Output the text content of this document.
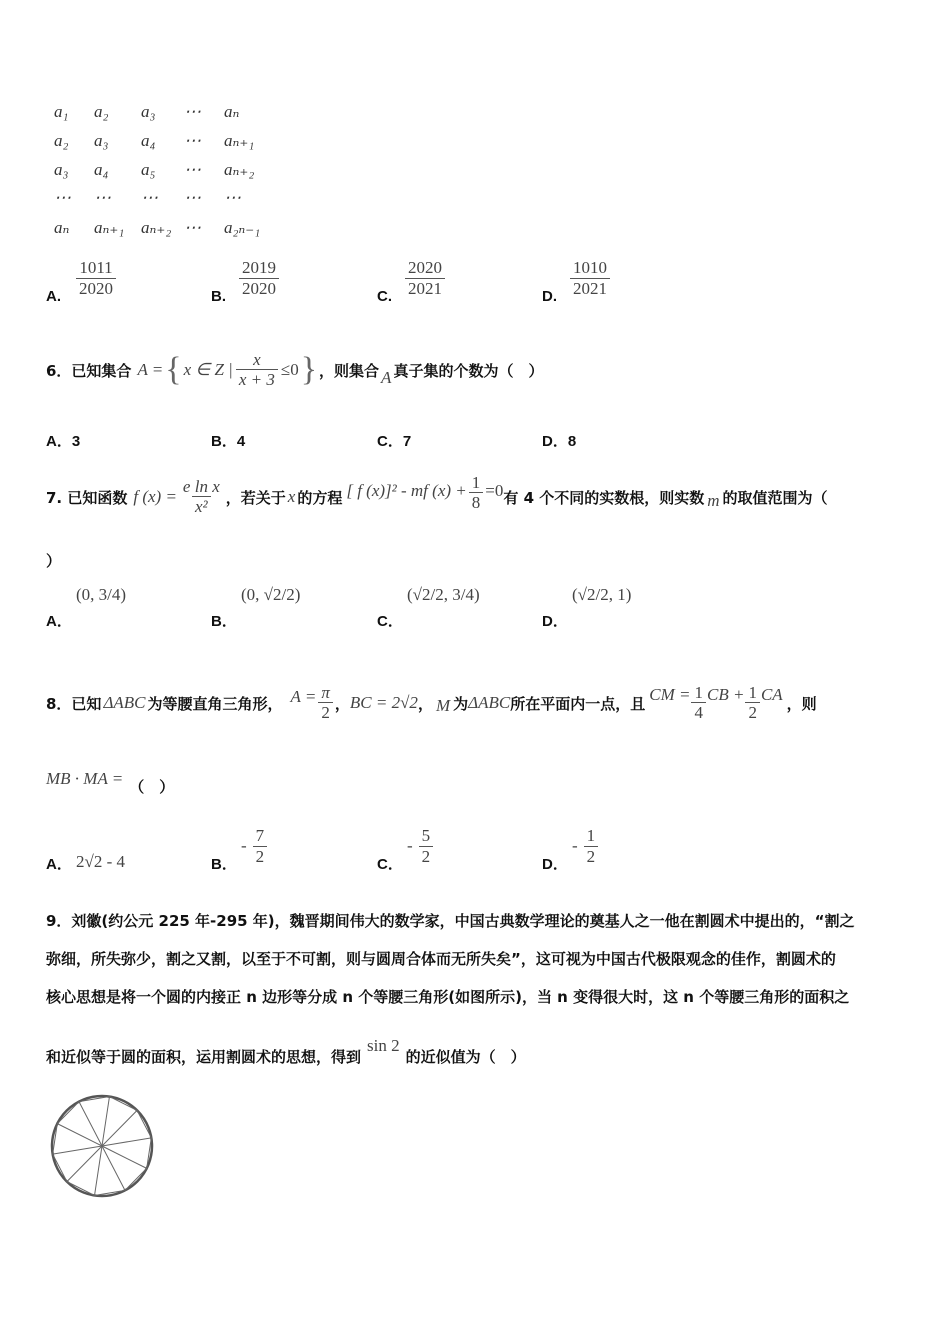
a₁ a₂ a₃ ⋯ aₙ
a₂ a₃ a₄ ⋯ aₙ₊₁
a₃ a₄ a₅ ⋯ aₙ₊₂
⋯ ⋯ ⋯ ⋯ ⋯
aₙ aₙ₊₁ aₙ₊₂ ⋯ a₂ₙ₋₁
A. $\frac{1011}{2020}$	B. $\frac{2019}{2020}$	C. $\frac{2020}{2021}$	D. $\frac{1010}{2021}$
6．已知集合 A = { x ∈ Z | $\frac{x}{x + 3} \le 0$ } ，则集合 A 真子集的个数为（　）
A．3	B．4	C．7	D．8
7. 已知函数 f $(x) = \frac{\text{e ln x}}{\text{x²}}$ ，若关于 x 的方程 [ f (x)]² - mf $(x) + \frac{1}{8} =0$ 有 4 个不同的实数根，则实数 m 的取值范围为（
）
A．
(0, 3/4)
B．
(0, √2/2)
C．
(√2/2, 3/4)
D．
(√2/2, 1)
8．已知 ΔABC 为等腰直角三角形， $A = \frac{\pi}{2}$ ， BC = 2√2 ， M 为 ΔABC 所在平面内一点，且 CM = $\frac{1}{4}$ CB + $\frac{1}{2}$ CA ，则
MB · MA = （　）
A． 2√2 - 4	B．
- $\frac{7}{2}$	C．
- $\frac{5}{2}$	D．
- $\frac{1}{2}$
9．刘徽(约公元 225 年-295 年)，魏晋期间伟大的数学家，中国古典数学理论的奠基人之一他在割圆术中提出的，“割之
弥细，所失弥少，割之又割，以至于不可割，则与圆周合体而无所失矣”，这可视为中国古代极限观念的佳作，割圆术的
核心思想是将一个圆的内接正 n 边形等分成 n 个等腰三角形(如图所示)，当 n 变得很大时，这 n 个等腰三角形的面积之
和近似等于圆的面积，运用割圆术的思想，得到
sin 2
的近似值为（　）
